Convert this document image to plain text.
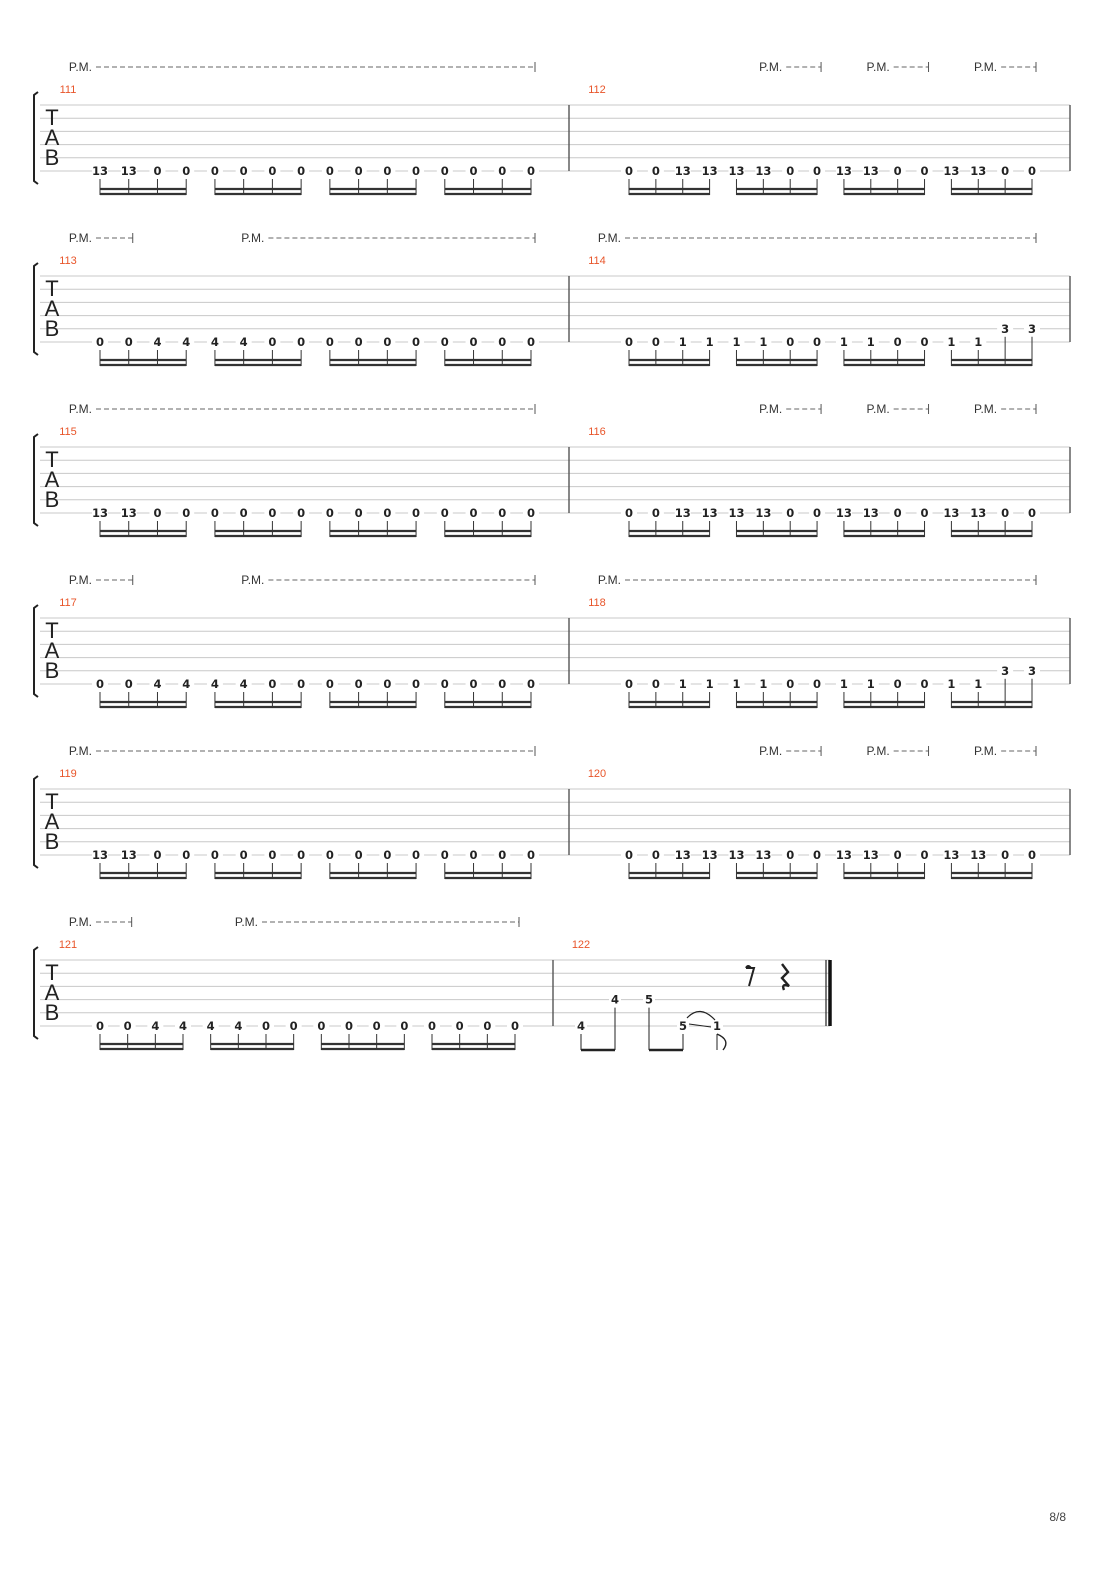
T
A
B
111
13 13 0 0 0 0 0 0 0 0 0 0 0 0 0 0
P.M.
112
0 0 13 13 13 13 0 0 13 13 0 0 13 13 0 0
P.M.	P.M.	P.M.
T
A
B
113
0 0 4 4 4 4 0 0 0 0 0 0 0 0 0 0
P.M.	P.M.
114
0 0 1 1 1 1 0 0 1 1 0 0 1 1
3 3
P.M.
T
A
B
115
13 13 0 0 0 0 0 0 0 0 0 0 0 0 0 0
P.M.
116
0 0 13 13 13 13 0 0 13 13 0 0 13 13 0 0
P.M.	P.M.	P.M.
T
A
B
117
0 0 4 4 4 4 0 0 0 0 0 0 0 0 0 0
P.M.	P.M.
118
0 0 1 1 1 1 0 0 1 1 0 0 1 1
3 3
P.M.
T
A
B
119
13 13 0 0 0 0 0 0 0 0 0 0 0 0 0 0
P.M.
120
0 0 13 13 13 13 0 0 13 13 0 0 13 13 0 0
P.M.	P.M.	P.M.
T
A
B
121
0 0 4 4 4 4 0 0 0 0 0 0 0 0 0 0
P.M.	P.M.
122
4
4 5
5 1
8/8
